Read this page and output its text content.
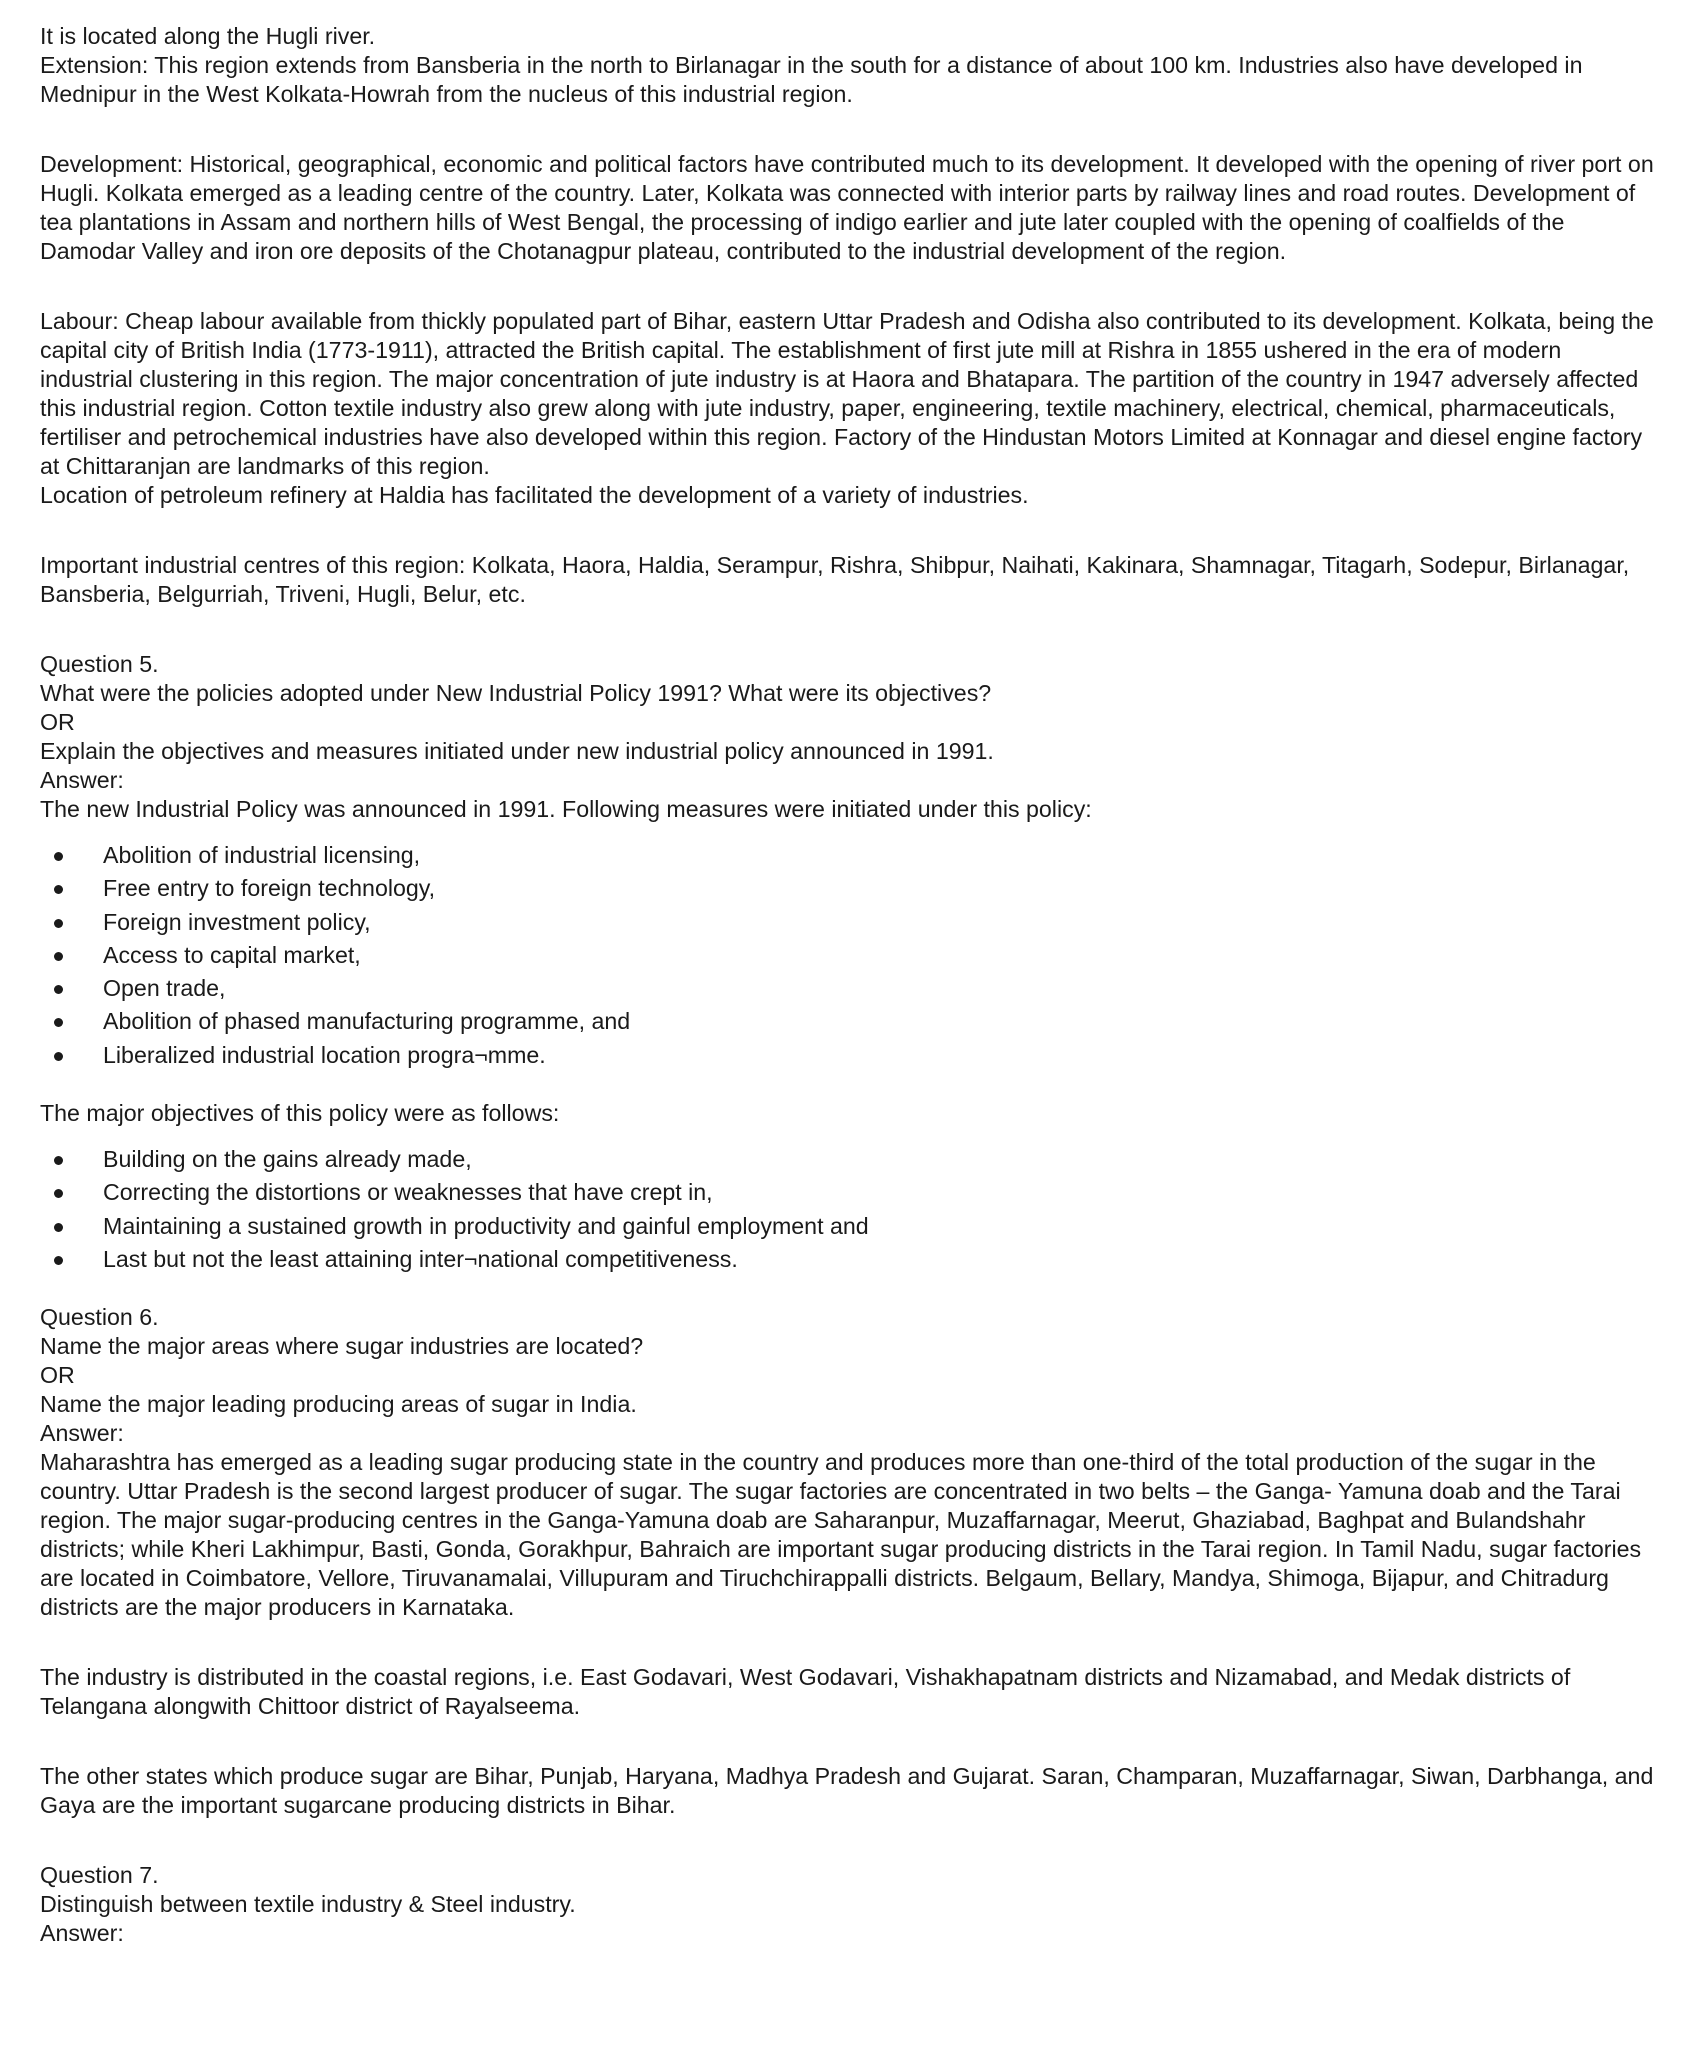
It is located along the Hugli river.

Extension: This region extends from Bansberia in the north to Birlanagar in the south for a distance of about 100 km. Industries also have developed in Mednipur in the West Kolkata-Howrah from the nucleus of this industrial region.

Development: Historical, geographical, economic and political factors have contributed much to its development. It developed with the opening of river port on Hugli. Kolkata emerged as a leading centre of the country. Later, Kolkata was connected with interior parts by railway lines and road routes. Development of tea plantations in Assam and northern hills of West Bengal, the processing of indigo earlier and jute later coupled with the opening of coalfields of the Damodar Valley and iron ore deposits of the Chotanagpur plateau, contributed to the industrial development of the region.

Labour: Cheap labour available from thickly populated part of Bihar, eastern Uttar Pradesh and Odisha also contributed to its development. Kolkata, being the capital city of British India (1773-1911), attracted the British capital. The establishment of first jute mill at Rishra in 1855 ushered in the era of modern industrial clustering in this region. The major concentration of jute industry is at Haora and Bhatapara. The partition of the country in 1947 adversely affected this industrial region. Cotton textile industry also grew along with jute industry, paper, engineering, textile machinery, electrical, chemical, pharmaceuticals, fertiliser and petrochemical industries have also developed within this region. Factory of the Hindustan Motors Limited at Konnagar and diesel engine factory at Chittaranjan are landmarks of this region.

Location of petroleum refinery at Haldia has facilitated the development of a variety of industries.

Important industrial centres of this region: Kolkata, Haora, Haldia, Serampur, Rishra, Shibpur, Naihati, Kakinara, Shamnagar, Titagarh, Sodepur, Birlanagar, Bansberia, Belgurriah, Triveni, Hugli, Belur, etc.

Question 5.

What were the policies adopted under New Industrial Policy 1991? What were its objectives?

OR

Explain the objectives and measures initiated under new industrial policy announced in 1991.

Answer:

The new Industrial Policy was announced in 1991. Following measures were initiated under this policy:

Abolition of industrial licensing,
Free entry to foreign technology,
Foreign investment policy,
Access to capital market,
Open trade,
Abolition of phased manufacturing programme, and
Liberalized industrial location progra¬mme.

The major objectives of this policy were as follows:

Building on the gains already made,
Correcting the distortions or weaknesses that have crept in,
Maintaining a sustained growth in productivity and gainful employment and
Last but not the least attaining inter¬national competitiveness.

Question 6.

Name the major areas where sugar industries are located?

OR

Name the major leading producing areas of sugar in India.

Answer:

Maharashtra has emerged as a leading sugar producing state in the country and produces more than one-third of the total production of the sugar in the country. Uttar Pradesh is the second largest producer of sugar. The sugar factories are concentrated in two belts – the Ganga- Yamuna doab and the Tarai region. The major sugar-producing centres in the Ganga-Yamuna doab are Saharanpur, Muzaffarnagar, Meerut, Ghaziabad, Baghpat and Bulandshahr districts; while Kheri Lakhimpur, Basti, Gonda, Gorakhpur, Bahraich are important sugar producing districts in the Tarai region. In Tamil Nadu, sugar factories are located in Coimbatore, Vellore, Tiruvanamalai, Villupuram and Tiruchchirappalli districts. Belgaum, Bellary, Mandya, Shimoga, Bijapur, and Chitradurg districts are the major producers in Karnataka.

The industry is distributed in the coastal regions, i.e. East Godavari, West Godavari, Vishakhapatnam districts and Nizamabad, and Medak districts of Telangana alongwith Chittoor district of Rayalseema.

The other states which produce sugar are Bihar, Punjab, Haryana, Madhya Pradesh and Gujarat. Saran, Champaran, Muzaffarnagar, Siwan, Darbhanga, and Gaya are the important sugarcane producing districts in Bihar.

Question 7.

Distinguish between textile industry & Steel industry.

Answer:
